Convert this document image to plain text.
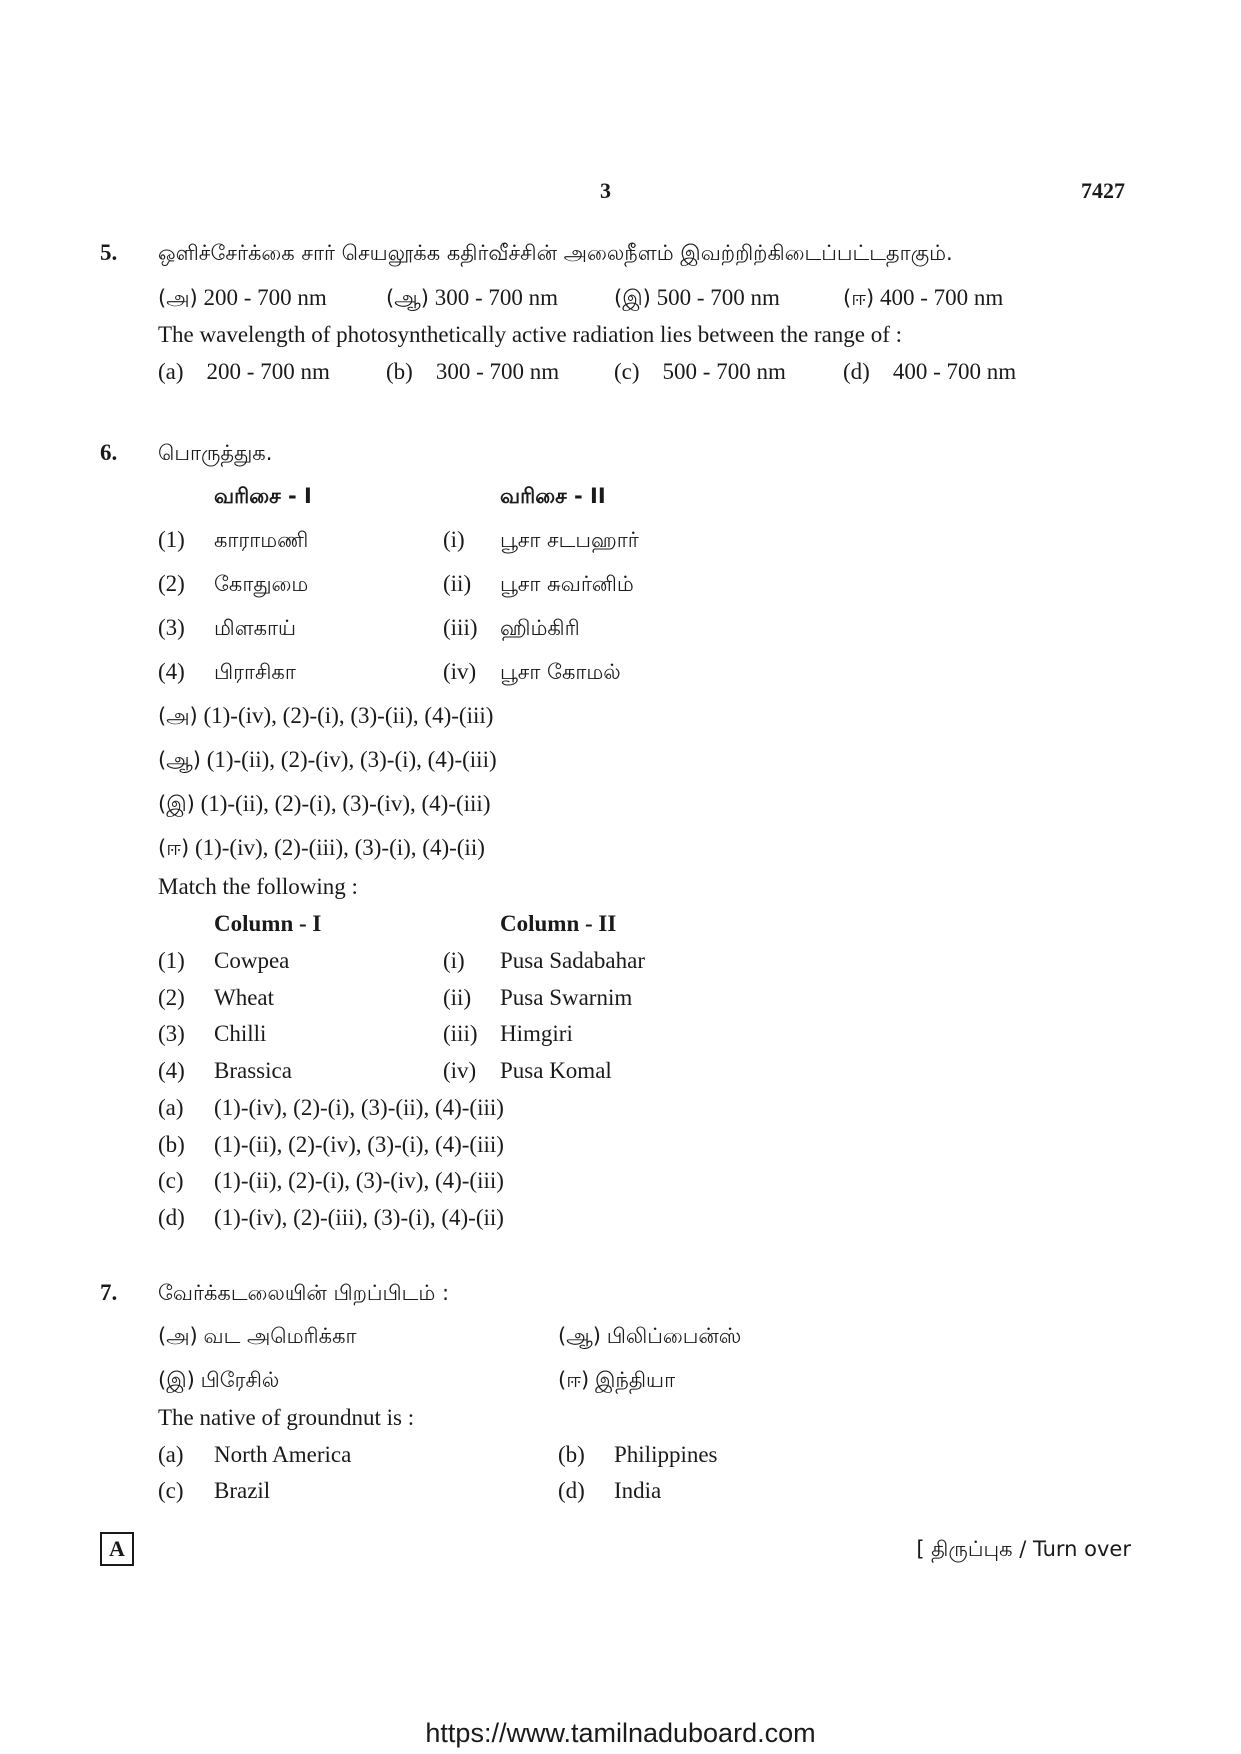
3	7427
5. ஒளிச்சேர்க்கை சார் செயலூக்க கதிர்வீச்சின் அலைநீளம் இவற்றிற்கிடைப்பட்டதாகும்.
(அ) 200 - 700 nm	(ஆ) 300 - 700 nm	(இ) 500 - 700 nm	(ஈ) 400 - 700 nm
The wavelength of photosynthetically active radiation lies between the range of :
(a) 200 - 700 nm (b) 300 - 700 nm (c) 500 - 700 nm (d) 400 - 700 nm
6. பொருத்துக.
வரிசை - I	வரிசை - II
(1) காராமணி	(i) பூசா சடபஹார்
(2) கோதுமை	(ii) பூசா சுவர்னிம்
(3) மிளகாய்	(iii) ஹிம்கிரி
(4) பிராசிகா	(iv) பூசா கோமல்
(அ) (1)-(iv), (2)-(i), (3)-(ii), (4)-(iii)
(ஆ) (1)-(ii), (2)-(iv), (3)-(i), (4)-(iii)
(இ) (1)-(ii), (2)-(i), (3)-(iv), (4)-(iii)
(ஈ) (1)-(iv), (2)-(iii), (3)-(i), (4)-(ii)
Match the following :
Column - I	Column - II
(1) Cowpea	(i) Pusa Sadabahar
(2) Wheat	(ii) Pusa Swarnim
(3) Chilli	(iii) Himgiri
(4) Brassica	(iv) Pusa Komal
(a) (1)-(iv), (2)-(i), (3)-(ii), (4)-(iii)
(b) (1)-(ii), (2)-(iv), (3)-(i), (4)-(iii)
(c) (1)-(ii), (2)-(i), (3)-(iv), (4)-(iii)
(d) (1)-(iv), (2)-(iii), (3)-(i), (4)-(ii)
7. வேர்க்கடலையின் பிறப்பிடம் :
(அ) வட அமெரிக்கா	(ஆ) பிலிப்பைன்ஸ்
(இ) பிரேசில்	(ஈ) இந்தியா
The native of groundnut is :
(a) North America	(b) Philippines
(c) Brazil	(d) India
A	[ திருப்புக / Turn over
https://www.tamilnaduboard.com
